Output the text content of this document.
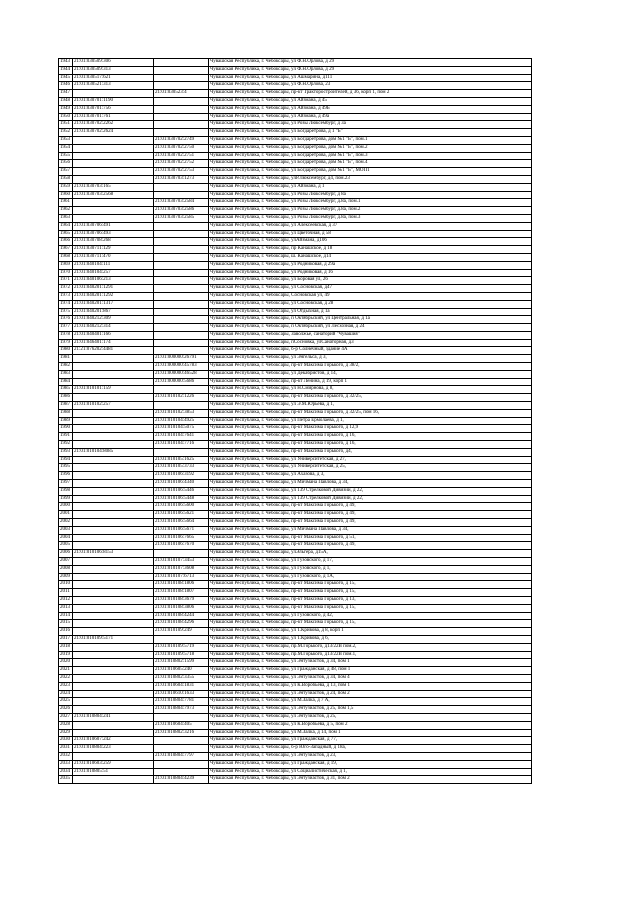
1943	21:01:030509:306		Чувашская Республика, г. Чебоксары, ул Ф.Н.Орлова, д 29
1944	21:01:030509:313		Чувашская Республика, г. Чебоксары, ул Ф.Н.Орлова, д 29
1945	21:01:030517:621		Чувашская Республика, г. Чебоксары, ул Ашмарина, д111
1946	21:01:030521:313		Чувашская Республика, г. Чебоксары, ул Ф.Н.Орлова, 23
1947		21:01:030523:4	Чувашская Республика, г. Чебоксары, пр-кт Тракторостроителей, д 36, корп 1, пом 2
1948	21:01:030701:1190		Чувашская Республика, г. Чебоксары, ул Айзмана, д 45
1949	21:01:030701:756		Чувашская Республика, г. Чебоксары, ул Айзмана, д 49Б
1950	21:01:030701:761		Чувашская Республика, г. Чебоксары, ул Айзмана, д 49а
1951	21:01:030702:2262		Чувашская Республика, г. Чебоксары, ул Розы Люксембург, д 3а
1952	21:01:030702:2624		Чувашская Республика, г. Чебоксары, ул Богдаретрова, д 1 "Б"
1953		21:01:030702:2749	Чувашская Республика, г. Чебоксары, ул Богдаретрова, дом №1 "Б", пом.1
1954		21:01:030702:2750	Чувашская Республика, г. Чебоксары, ул Богдаретрова, дом №1 "Б", пом.2
1955		21:01:030702:2751	Чувашская Республика, г. Чебоксары, ул Богдаретрова, дом №1 "Б", пом.3
1956		21:01:030702:2752	Чувашская Республика, г. Чебоксары, ул Богдаретрова, дом №1 "Б", пом.4
1957		21:01:030702:2753	Чувашская Республика, г. Чебоксары, ул Богдаретрова, дом №1 "Б", МОП1
1958		21:01:030703:1273	Чувашская Республика, г. Чебоксары, улР.Люксембург, д4, пом.23
1959	21:01:030703:165		Чувашская Республика, г. Чебоксары, ул Айзмана, д 1
1960	21:01:030703:2568		Чувашская Республика, г. Чебоксары, ул Розы Люксембург, д 8а
1961		21:01:030703:2584	Чувашская Республика, г. Чебоксары, ул Розы Люксембург, д.8а, пом.1
1962		21:01:030703:2586	Чувашская Республика, г. Чебоксары, ул Розы Люксембург, д.8а, пом.2
1963		21:01:030703:2585	Чувашская Республика, г. Чебоксары, ул Розы Люксембург, д.8а, пом.3
1964	21:01:030706:491		Чувашская Республика, г. Чебоксары, ул Алексеевская, д 37
1965	21:01:030706:493		Чувашская Республика, г. Чебоксары, ул Цветочная, д 58
1966	21:01:030708:268		Чувашская Республика, г. Чебоксары, улАйзмана, д106
1967	21:01:030711:129		Чувашская Республика, г. Чебоксары, пр Канашское, д 18
1968	21:01:030711:470		Чувашская Республика, г. Чебоксары, ш. Канашское, д14
1969	21:01:040104:111		Чувашская Республика, г. Чебоксары, ул Родниковая, д 29а
1970	21:01:040104:257		Чувашская Республика, г. Чебоксары, ул Родниковая, д 16
1971	21:01:040106:213		Чувашская Республика, г. Чебоксары, ул Боровая ул, 26
1972	21:01:040201:1291		Чувашская Республика, г. Чебоксары, ул Сосновская, д47
1973	21:01:040201:1292		Чувашская Республика, г. Чебоксары, Сосновская ул, 49
1974	21:01:040201:1317		Чувашская Республика, г. Чебоксары, ул Сосновская, д 28
1975	21:01:040201:867		Чувашская Республика, г. Чебоксары, ул Отдыхная, д 1а
1976	21:01:040212:309		Чувашская Республика, г. Чебоксары, п Октябрьский, ул Центральная, д 1а
1977	21:01:040212:314		Чувашская Республика, г. Чебоксары, п Октябрьский, ул Лесхозная, д 24
1978	21:01:040401:166		Чувашская Республика, г. Чебоксары, Заволжье, санаторий "Чувашия"
1979	21:01:046401:174		Чувашская Республика, г. Чебоксары, пСосновка, улСанаторная, д3
1980	21:21:076202:4481		Чувашская Республика, г. Чебоксары, б-р Солнечный, здание 4А
1981		21:01:000000:26791	Чувашская Республика, г. Чебоксары, ул Энгельса, д 3,
1982		21:01:000000:45783	Чувашская Республика, г. Чебоксары, пр-кт Максима Горького, д 38/2,
1983		21:01:000000:46528	Чувашская Республика, г. Чебоксары, ул Декабристов, д 14,
1984		21:01:000000:5686	Чувашская Республика, г. Чебоксары, пр-кт Ленина, д 19, корп 1
1985	21:01:010101:159		Чувашская Республика, г. Чебоксары, ул Н.Смирнова, д 8,
1986		21:01:010102:1226	Чувашская Республика, г. Чебоксары, пр-кт Максима Горького, д 32/25,
1987	21:01:010102:257		Чувашская Республика, г. Чебоксары, ул Э.М.Юрьева, д 1,
1988		21:01:010102:3853	Чувашская Республика, г. Чебоксары, пр-кт Максима Горького, д 32/25, пом 16,
1989		21:01:010104:4925	Чувашская Республика, г. Чебоксары, ул Петра Ермолаева, д 1,
1990		21:01:010104:5075	Чувашская Республика, г. Чебоксары, пр-кт Максима Горького, д 12,9
1991		21:01:010104:7641	Чувашская Республика, г. Чебоксары, пр-кт Максима Горького, д 16,
1992		21:01:010104:7716	Чувашская Республика, г. Чебоксары, пр-кт Максима Горького, д 16,
1993	21:01:010104:8085		Чувашская Республика, г. Чебоксары, пр-кт Максима Горького, д4,
1994		21:01:010105:1625	Чувашская Республика, г. Чебоксары, ул Университетская, д 27,
1995		21:01:010105:3733	Чувашская Республика, г. Чебоксары, ул Университетская, д 25,
1996		21:01:010106:3192	Чувашская Республика, г. Чебоксары, ул Ахазова, д 3,
1997		21:01:010106:4340	Чувашская Республика, г. Чебоксары, ул Мичмана Павлова, д 34,
1998		21:01:010106:5446	Чувашская Республика, г. Чебоксары, ул 139 Стрелковой Дивизии, д 22,
1999		21:01:010106:5448	Чувашская Республика, г. Чебоксары, ул 139 Стрелковой Дивизии, д 22,
2000		21:01:010106:5600	Чувашская Республика, г. Чебоксары, пр-кт Максима Горького, д 49,
2001		21:01:010106:5621	Чувашская Республика, г. Чебоксары, пр-кт Максима Горького, д 49,
2002		21:01:010106:5664	Чувашская Республика, г. Чебоксары, пр-кт Максима Горького, д 49,
2003		21:01:010106:5671	Чувашская Республика, г. Чебоксары, ул Мичмана Павлова, д 34,
2004		21:01:010106:7665	Чувашская Республика, г. Чебоксары, пр-кт Максима Горького, д 51,
2005		21:01:010106:7670	Чувашская Республика, г. Чебоксары, пр-кт Максима Горького, д 49,
2006	21:01:010106:8153		Чувашская Республика, г. Чебоксары, улЭльгера, д15А,
2007		21:01:010107:3453	Чувашская Республика, г. Чебоксары, ул Гузовского, д 17,
2008		21:01:010107:3608	Чувашская Республика, г. Чебоксары, ул Гузовского, д 1,
2009		21:01:010107:6713	Чувашская Республика, г. Чебоксары, ул Гузовского, д 1А,
2010		21:01:010108:1806	Чувашская Республика, г. Чебоксары, пр-кт Максима Горького, д 15,
2011		21:01:010108:1807	Чувашская Республика, г. Чебоксары, пр-кт Максима Горького, д 15,
2012		21:01:010108:3679	Чувашская Республика, г. Чебоксары, пр-кт Максима Горького, д 13,
2013		21:01:010108:3806	Чувашская Республика, г. Чебоксары, пр-кт Максима Горького, д 15,
2014		21:01:010108:4244	Чувашская Республика, г. Чебоксары, ул Гузовского, д 42,
2015		21:01:010108:4296	Чувашская Республика, г. Чебоксары, пр-кт Максима Горького, д 15,
2016		21:01:010109:249	Чувашская Республика, г. Чебоксары, ул Т.Кривова, д 8, корп 1
2017	21:01:010109:5171		Чувашская Республика, г. Чебоксары, ул Т.Кривова, д 6,
2018		21:01:010109:5719	Чувашская Республика, г. Чебоксары, пр.М.Горького, д13/22В пом.2,
2019		21:01:010109:5718	Чувашская Республика, г. Чебоксары, пр.М.Горького, д13/22В пом.1,
2020		21:01:010802:1599	Чувашская Республика, г. Чебоксары, ул Энтузиастов, д 34, пом 1
2021		21:01:010605:240	Чувашская Республика, г. Чебоксары, ул Гражданская, д 48, пом 1
2022		21:01:010802:3355	Чувашская Республика, г. Чебоксары, ул Энтузиастов, д 34, пом 4
2023		21:01:010604:1831	Чувашская Республика, г. Чебоксары, ул К.Воробьева, д 13, пом 1
2024		21:01:010610:1633	Чувашская Республика, г. Чебоксары, ул Энтузиастов, д 24, пом 2
2025		21:01:010804:7781	Чувашская Республика, г. Чебоксары, ул М.Залка, д 7 А,
2026		21:01:010804:7973	Чувашская Республика, г. Чебоксары, ул Энтузиастов, д 25, пом 1,5
2027	21:01:010804:241		Чувашская Республика, г. Чебоксары, ул Энтузиастов, д 25,
2028		21:01:010604:405	Чувашская Республика, г. Чебоксары, ул К.Воробьева, д 5, пом 2
2029		21:01:010802:3216	Чувашская Республика, г. Чебоксары, ул М.Залка, д 14, пом 1
2030	21:01:010607:242		Чувашская Республика, г. Чебоксары, ул Гражданская, д 77,
2031	21:01:010804:223		Чувашская Республика, г. Чебоксары, б-р Юго-Западный, д 18а,
2032		21:01:010804:7797	Чувашская Республика, г. Чебоксары, ул Энтузиастов, д 23,
2033	21:01:010603:259		Чувашская Республика, г. Чебоксары, ул Гражданская, д 19,
2034	21:01:010805:51		Чувашская Республика, г. Чебоксары, ул Социалистическая, д 1,
2035		21:01:010804:4239	Чувашская Республика, г. Чебоксары, ул Энтузиастов, д 31, пом 2
